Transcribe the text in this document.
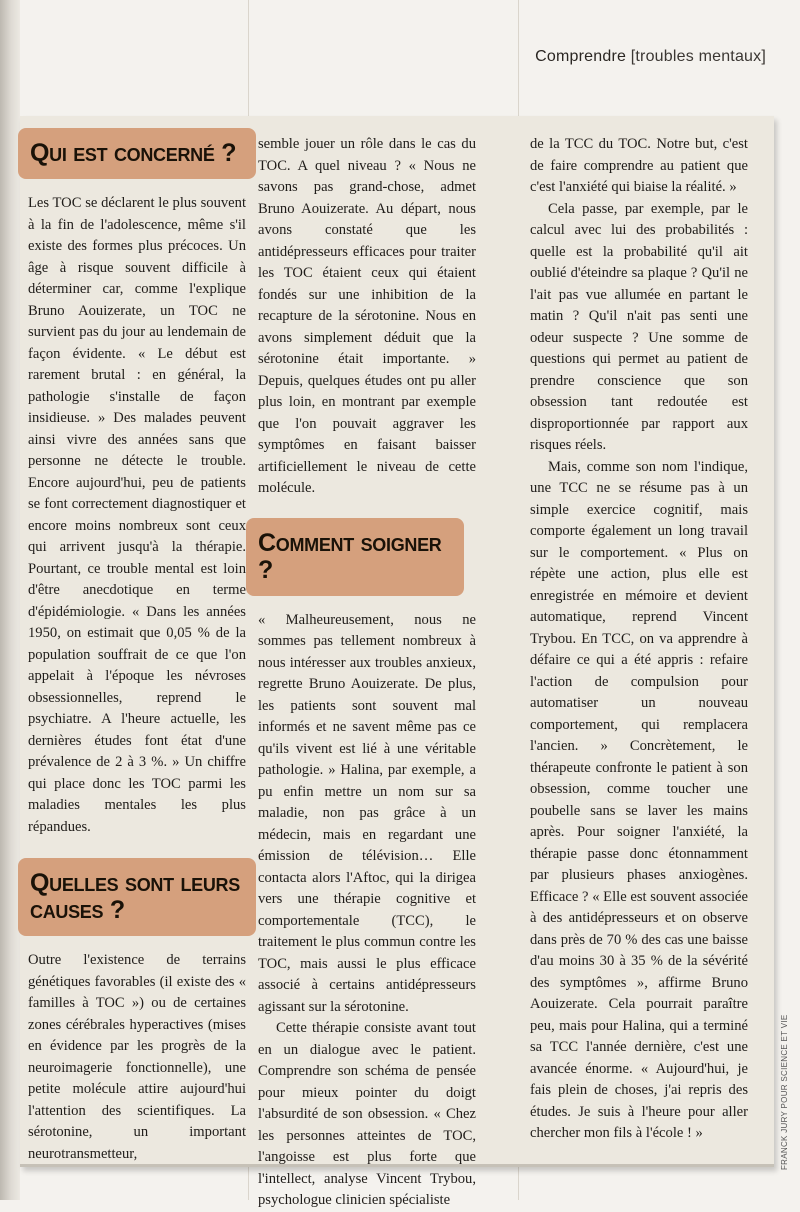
Comprendre [troubles mentaux]
Qui est concerné ?

Les TOC se déclarent le plus souvent à la fin de l'adolescence, même s'il existe des formes plus précoces. Un âge à risque souvent difficile à déterminer car, comme l'explique Bruno Aouizerate, un TOC ne survient pas du jour au lendemain de façon évidente. « Le début est rarement brutal : en général, la pathologie s'installe de façon insidieuse. » Des malades peuvent ainsi vivre des années sans que personne ne détecte le trouble. Encore aujourd'hui, peu de patients se font correctement diagnostiquer et encore moins nombreux sont ceux qui arrivent jusqu'à la thérapie. Pourtant, ce trouble mental est loin d'être anecdotique en terme d'épidémiologie. « Dans les années 1950, on estimait que 0,05 % de la population souffrait de ce que l'on appelait à l'époque les névroses obsessionnelles, reprend le psychiatre. A l'heure actuelle, les dernières études font état d'une prévalence de 2 à 3 %. » Un chiffre qui place donc les TOC parmi les maladies mentales les plus répandues.

Quelles sont leurs causes ?

Outre l'existence de terrains génétiques favorables (il existe des « familles à TOC ») ou de certaines zones cérébrales hyperactives (mises en évidence par les progrès de la neuroimagerie fonctionnelle), une petite molécule attire aujourd'hui l'attention des scientifiques. La sérotonine, un important neurotransmetteur,

semble jouer un rôle dans le cas du TOC. A quel niveau ? « Nous ne savons pas grand-chose, admet Bruno Aouizerate. Au départ, nous avons constaté que les antidépresseurs efficaces pour traiter les TOC étaient ceux qui étaient fondés sur une inhibition de la recapture de la sérotonine. Nous en avons simplement déduit que la sérotonine était importante. » Depuis, quelques études ont pu aller plus loin, en montrant par exemple que l'on pouvait aggraver les symptômes en faisant baisser artificiellement le niveau de cette molécule.

Comment soigner ?

« Malheureusement, nous ne sommes pas tellement nombreux à nous intéresser aux troubles anxieux, regrette Bruno Aouizerate. De plus, les patients sont souvent mal informés et ne savent même pas ce qu'ils vivent est lié à une véritable pathologie. » Halina, par exemple, a pu enfin mettre un nom sur sa maladie, non pas grâce à un médecin, mais en regardant une émission de télévision… Elle contacta alors l'Aftoc, qui la dirigea vers une thérapie cognitive et comportementale (TCC), le traitement le plus commun contre les TOC, mais aussi le plus efficace associé à certains antidépresseurs agissant sur la sérotonine.

Cette thérapie consiste avant tout en un dialogue avec le patient. Comprendre son schéma de pensée pour mieux pointer du doigt l'absurdité de son obsession. « Chez les personnes atteintes de TOC, l'angoisse est plus forte que l'intellect, analyse Vincent Trybou, psychologue clinicien spécialiste

de la TCC du TOC. Notre but, c'est de faire comprendre au patient que c'est l'anxiété qui biaise la réalité. »

Cela passe, par exemple, par le calcul avec lui des probabilités : quelle est la probabilité qu'il ait oublié d'éteindre sa plaque ? Qu'il ne l'ait pas vue allumée en partant le matin ? Qu'il n'ait pas senti une odeur suspecte ? Une somme de questions qui permet au patient de prendre conscience que son obsession tant redoutée est disproportionnée par rapport aux risques réels.

Mais, comme son nom l'indique, une TCC ne se résume pas à un simple exercice cognitif, mais comporte également un long travail sur le comportement. « Plus on répète une action, plus elle est enregistrée en mémoire et devient automatique, reprend Vincent Trybou. En TCC, on va apprendre à défaire ce qui a été appris : refaire l'action de compulsion pour automatiser un nouveau comportement, qui remplacera l'ancien. » Concrètement, le thérapeute confronte le patient à son obsession, comme toucher une poubelle sans se laver les mains après. Pour soigner l'anxiété, la thérapie passe donc étonnamment par plusieurs phases anxiogènes. Efficace ? « Elle est souvent associée à des antidépresseurs et on observe dans près de 70 % des cas une baisse d'au moins 30 à 35 % de la sévérité des symptômes », affirme Bruno Aouizerate. Cela pourrait paraître peu, mais pour Halina, qui a terminé sa TCC l'année dernière, c'est une avancée énorme. « Aujourd'hui, je fais plein de choses, j'ai repris des études. Je suis à l'heure pour aller chercher mon fils à l'école ! »	FRANCK JURY POUR SCIENCE ET VIE
